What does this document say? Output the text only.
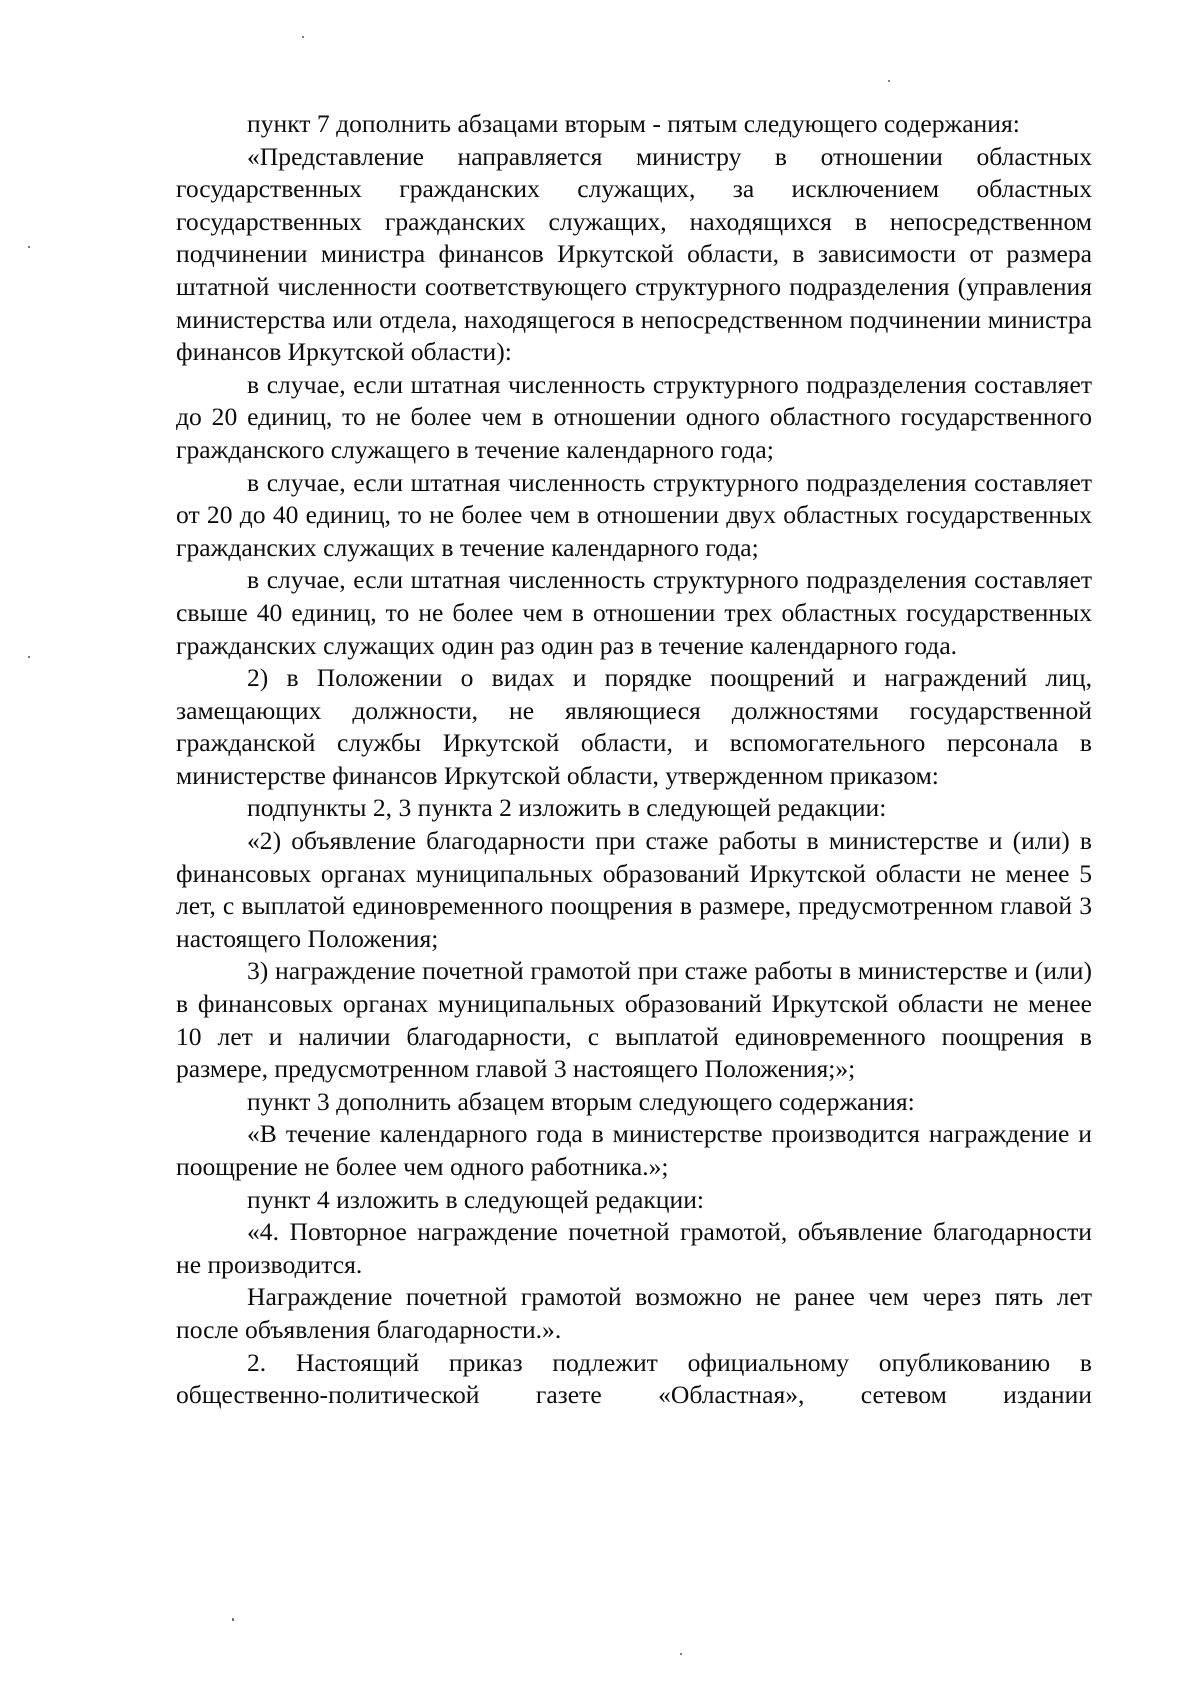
пункт 7 дополнить абзацами вторым - пятым следующего содержания:

«Представление направляется министру в отношении областных государственных гражданских служащих, за исключением областных государственных гражданских служащих, находящихся в непосредственном подчинении министра финансов Иркутской области, в зависимости от размера штатной численности соответствующего структурного подразделения (управления министерства или отдела, находящегося в непосредственном подчинении министра финансов Иркутской области):

в случае, если штатная численность структурного подразделения составляет до 20 единиц, то не более чем в отношении одного областного государственного гражданского служащего в течение календарного года;

в случае, если штатная численность структурного подразделения составляет от 20 до 40 единиц, то не более чем в отношении двух областных государственных гражданских служащих в течение календарного года;

в случае, если штатная численность структурного подразделения составляет свыше 40 единиц, то не более чем в отношении трех областных государственных гражданских служащих один раз один раз в течение календарного года.

2) в Положении о видах и порядке поощрений и награждений лиц, замещающих должности, не являющиеся должностями государственной гражданской службы Иркутской области, и вспомогательного персонала в министерстве финансов Иркутской области, утвержденном приказом:

подпункты 2, 3 пункта 2 изложить в следующей редакции:

«2) объявление благодарности при стаже работы в министерстве и (или) в финансовых органах муниципальных образований Иркутской области не менее 5 лет, с выплатой единовременного поощрения в размере, предусмотренном главой 3 настоящего Положения;

3) награждение почетной грамотой при стаже работы в министерстве и (или) в финансовых органах муниципальных образований Иркутской области не менее 10 лет и наличии благодарности, с выплатой единовременного поощрения в размере, предусмотренном главой 3 настоящего Положения;»;

пункт 3 дополнить абзацем вторым следующего содержания:

«В течение календарного года в министерстве производится награждение и поощрение не более чем одного работника.»;

пункт 4 изложить в следующей редакции:

«4. Повторное награждение почетной грамотой, объявление благодарности не производится.

Награждение почетной грамотой возможно не ранее чем через пять лет после объявления благодарности.».

2. Настоящий приказ подлежит официальному опубликованию в общественно-политической газете «Областная», сетевом издании
